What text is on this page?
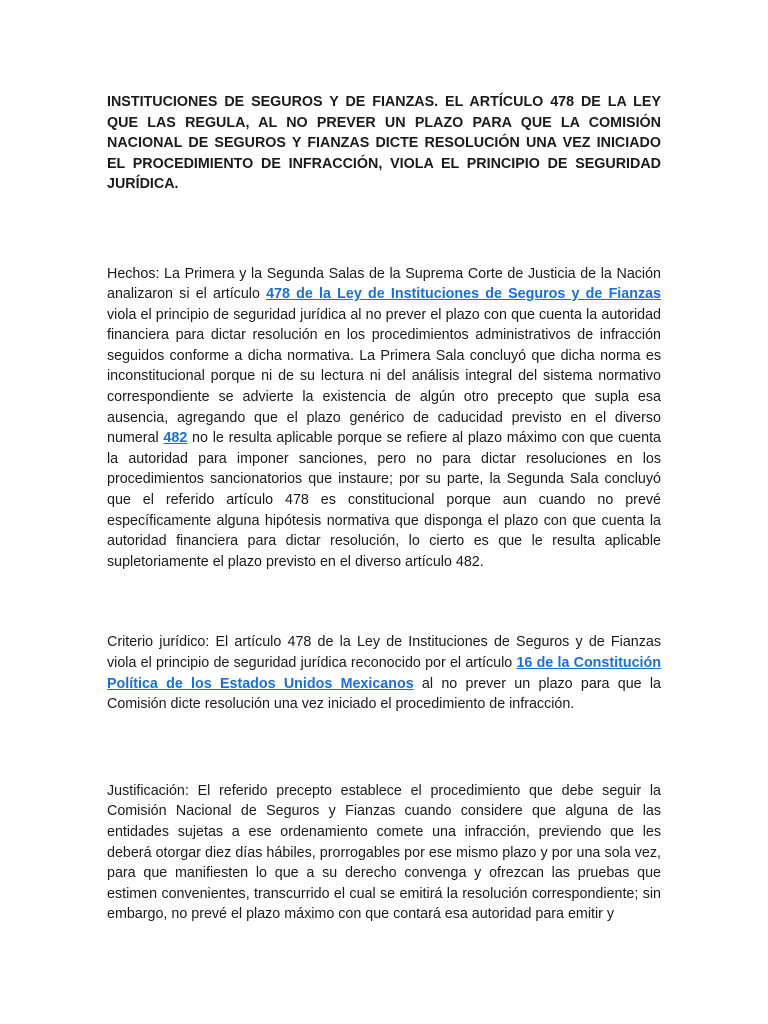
INSTITUCIONES DE SEGUROS Y DE FIANZAS. EL ARTÍCULO 478 DE LA LEY QUE LAS REGULA, AL NO PREVER UN PLAZO PARA QUE LA COMISIÓN NACIONAL DE SEGUROS Y FIANZAS DICTE RESOLUCIÓN UNA VEZ INICIADO EL PROCEDIMIENTO DE INFRACCIÓN, VIOLA EL PRINCIPIO DE SEGURIDAD JURÍDICA.

Hechos: La Primera y la Segunda Salas de la Suprema Corte de Justicia de la Nación analizaron si el artículo 478 de la Ley de Instituciones de Seguros y de Fianzas viola el principio de seguridad jurídica al no prever el plazo con que cuenta la autoridad financiera para dictar resolución en los procedimientos administrativos de infracción seguidos conforme a dicha normativa. La Primera Sala concluyó que dicha norma es inconstitucional porque ni de su lectura ni del análisis integral del sistema normativo correspondiente se advierte la existencia de algún otro precepto que supla esa ausencia, agregando que el plazo genérico de caducidad previsto en el diverso numeral 482 no le resulta aplicable porque se refiere al plazo máximo con que cuenta la autoridad para imponer sanciones, pero no para dictar resoluciones en los procedimientos sancionatorios que instaure; por su parte, la Segunda Sala concluyó que el referido artículo 478 es constitucional porque aun cuando no prevé específicamente alguna hipótesis normativa que disponga el plazo con que cuenta la autoridad financiera para dictar resolución, lo cierto es que le resulta aplicable supletoriamente el plazo previsto en el diverso artículo 482.

Criterio jurídico: El artículo 478 de la Ley de Instituciones de Seguros y de Fianzas viola el principio de seguridad jurídica reconocido por el artículo 16 de la Constitución Política de los Estados Unidos Mexicanos al no prever un plazo para que la Comisión dicte resolución una vez iniciado el procedimiento de infracción.

Justificación: El referido precepto establece el procedimiento que debe seguir la Comisión Nacional de Seguros y Fianzas cuando considere que alguna de las entidades sujetas a ese ordenamiento comete una infracción, previendo que les deberá otorgar diez días hábiles, prorrogables por ese mismo plazo y por una sola vez, para que manifiesten lo que a su derecho convenga y ofrezcan las pruebas que estimen convenientes, transcurrido el cual se emitirá la resolución correspondiente; sin embargo, no prevé el plazo máximo con que contará esa autoridad para emitir y
